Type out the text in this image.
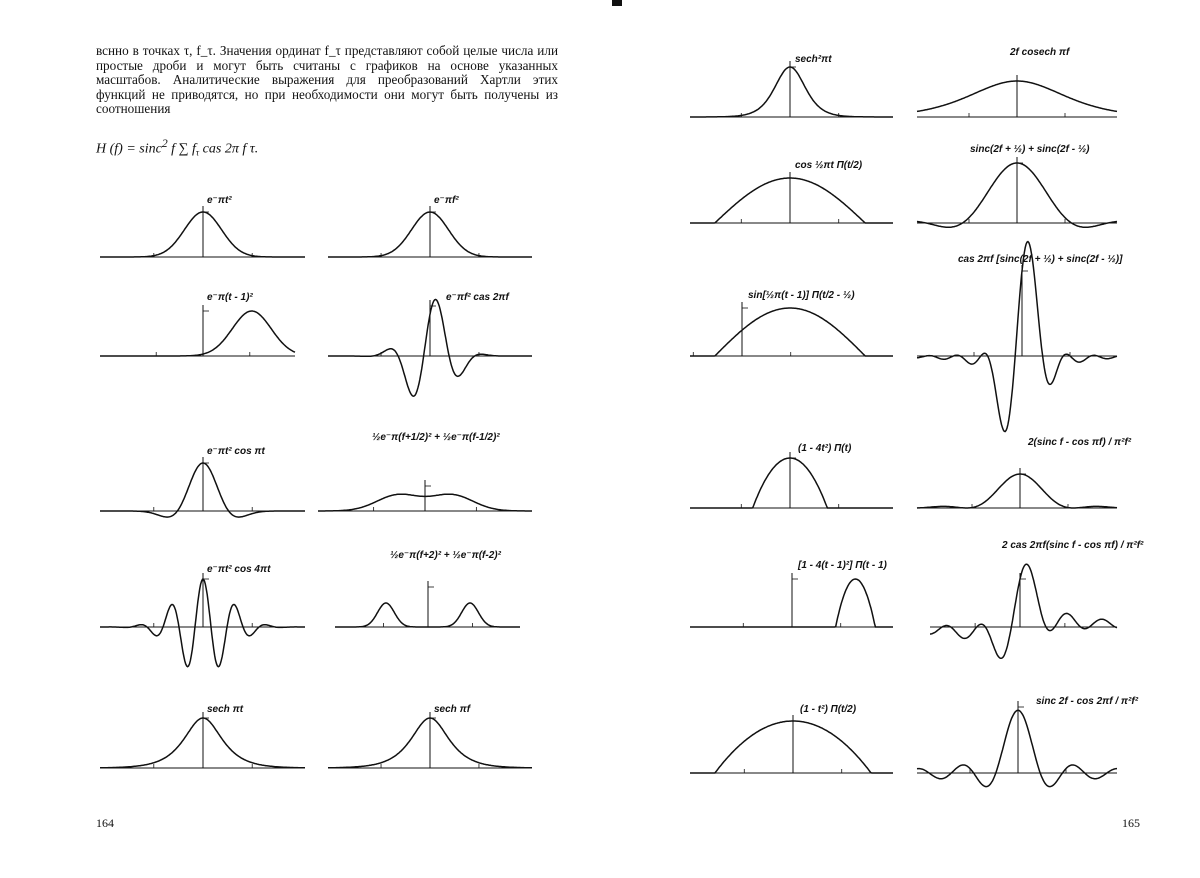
вснно в точках τ, f_τ. Значения ординат f_τ представляют собой целые числа или простые дроби и могут быть считаны с графиков на основе указанных масштабов. Аналитические выражения для преобразований Хартли этих функций не приводятся, но при необходимости они могут быть получены из соотношения

H (f) = sinc$^2$ f ∑ $f_\tau$ cas 2π f τ.

164	165
e⁻πt²	e⁻πf²
e⁻π(t - 1)²	e⁻πf² cas 2πf
e⁻πt² cos πt
½e⁻π(f+1/2)² + ½e⁻π(f-1/2)²
e⁻πt² cos 4πt
½e⁻π(f+2)² + ½e⁻π(f-2)²
sech πt	sech πf
sech²πt
2f cosech πf
cos ½πt Π(t/2)
sinc(2f + ½) + sinc(2f - ½)
sin[½π(t - 1)] Π(t/2 - ½)
cas 2πf [sinc(2f + ½) + sinc(2f - ½)]
(1 - 4t²) Π(t)
2(sinc f - cos πf) / π²f²
[1 - 4(t - 1)²] Π(t - 1)
2 cas 2πf(sinc f - cos πf) / π²f²
(1 - t²) Π(t/2)
sinc 2f - cos 2πf / π²f²
